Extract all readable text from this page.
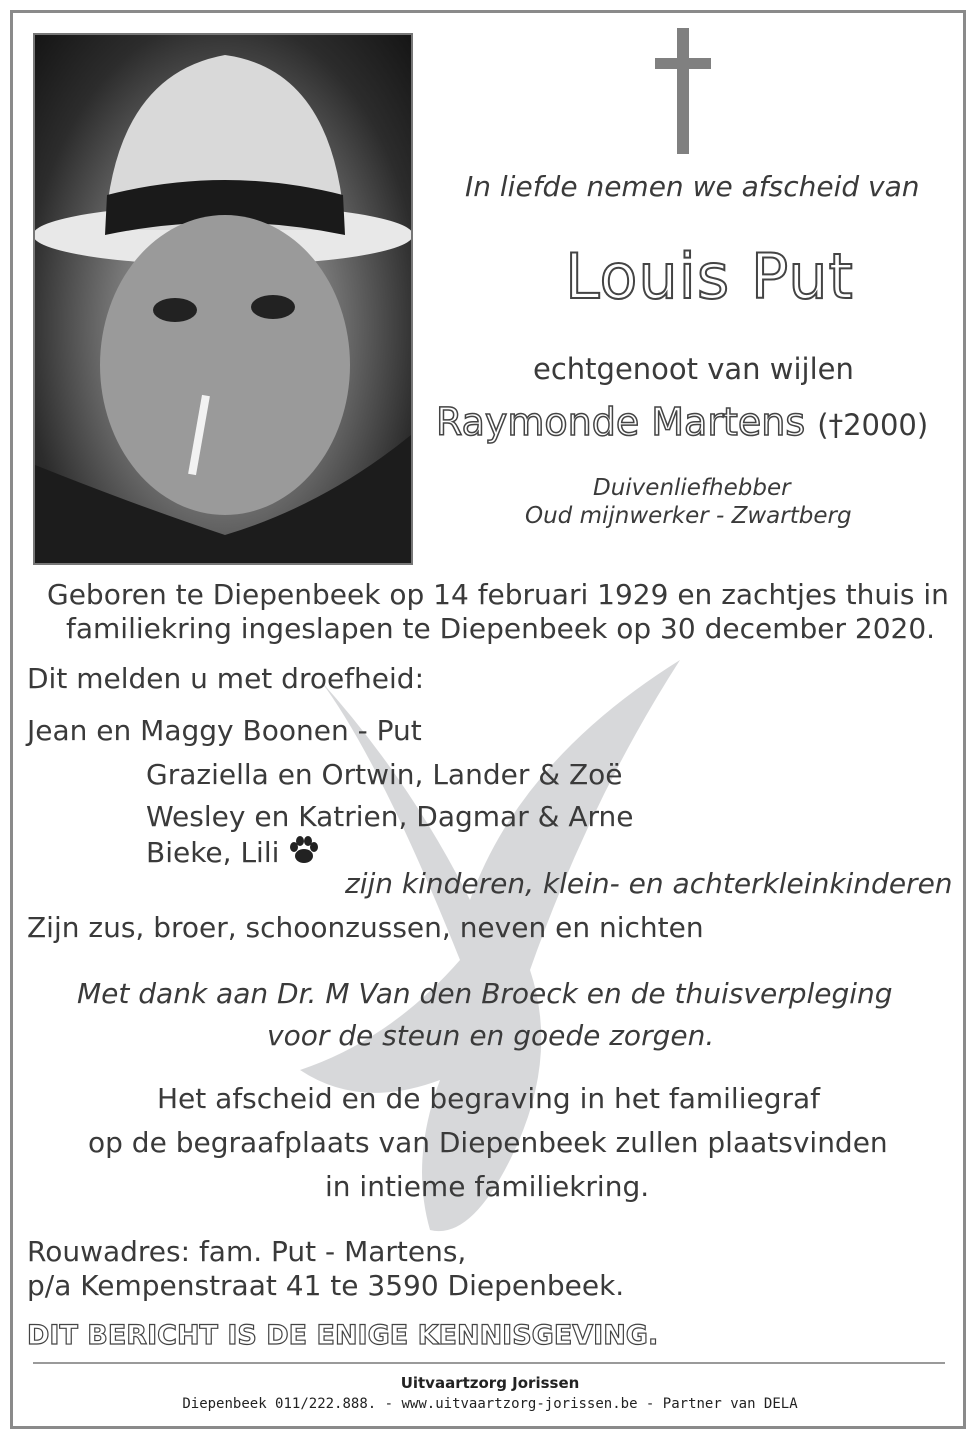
In liefde nemen we afscheid van

Louis Put

echtgenoot van wijlen

Raymonde Martens (†2000)

Duivenliefhebber

Oud mijnwerker - Zwartberg

Geboren te Diepenbeek op 14 februari 1929 en zachtjes thuis in

familiekring ingeslapen te Diepenbeek op 30 december 2020.

Dit melden u met droefheid:

Jean en Maggy Boonen - Put

Graziella en Ortwin, Lander & Zoë

Wesley en Katrien, Dagmar & Arne

Bieke, Lili

zijn kinderen, klein- en achterkleinkinderen

Zijn zus, broer, schoonzussen, neven en nichten

Met dank aan Dr. M Van den Broeck en de thuisverpleging

voor de steun en goede zorgen.

Het afscheid en de begraving in het familiegraf

op de begraafplaats van Diepenbeek zullen plaatsvinden

in intieme familiekring.

Rouwadres: fam. Put - Martens,

p/a Kempenstraat 41 te 3590 Diepenbeek.

DIT BERICHT IS DE ENIGE KENNISGEVING.

Uitvaartzorg Jorissen

Diepenbeek 011/222.888. - www.uitvaartzorg-jorissen.be - Partner van DELA
